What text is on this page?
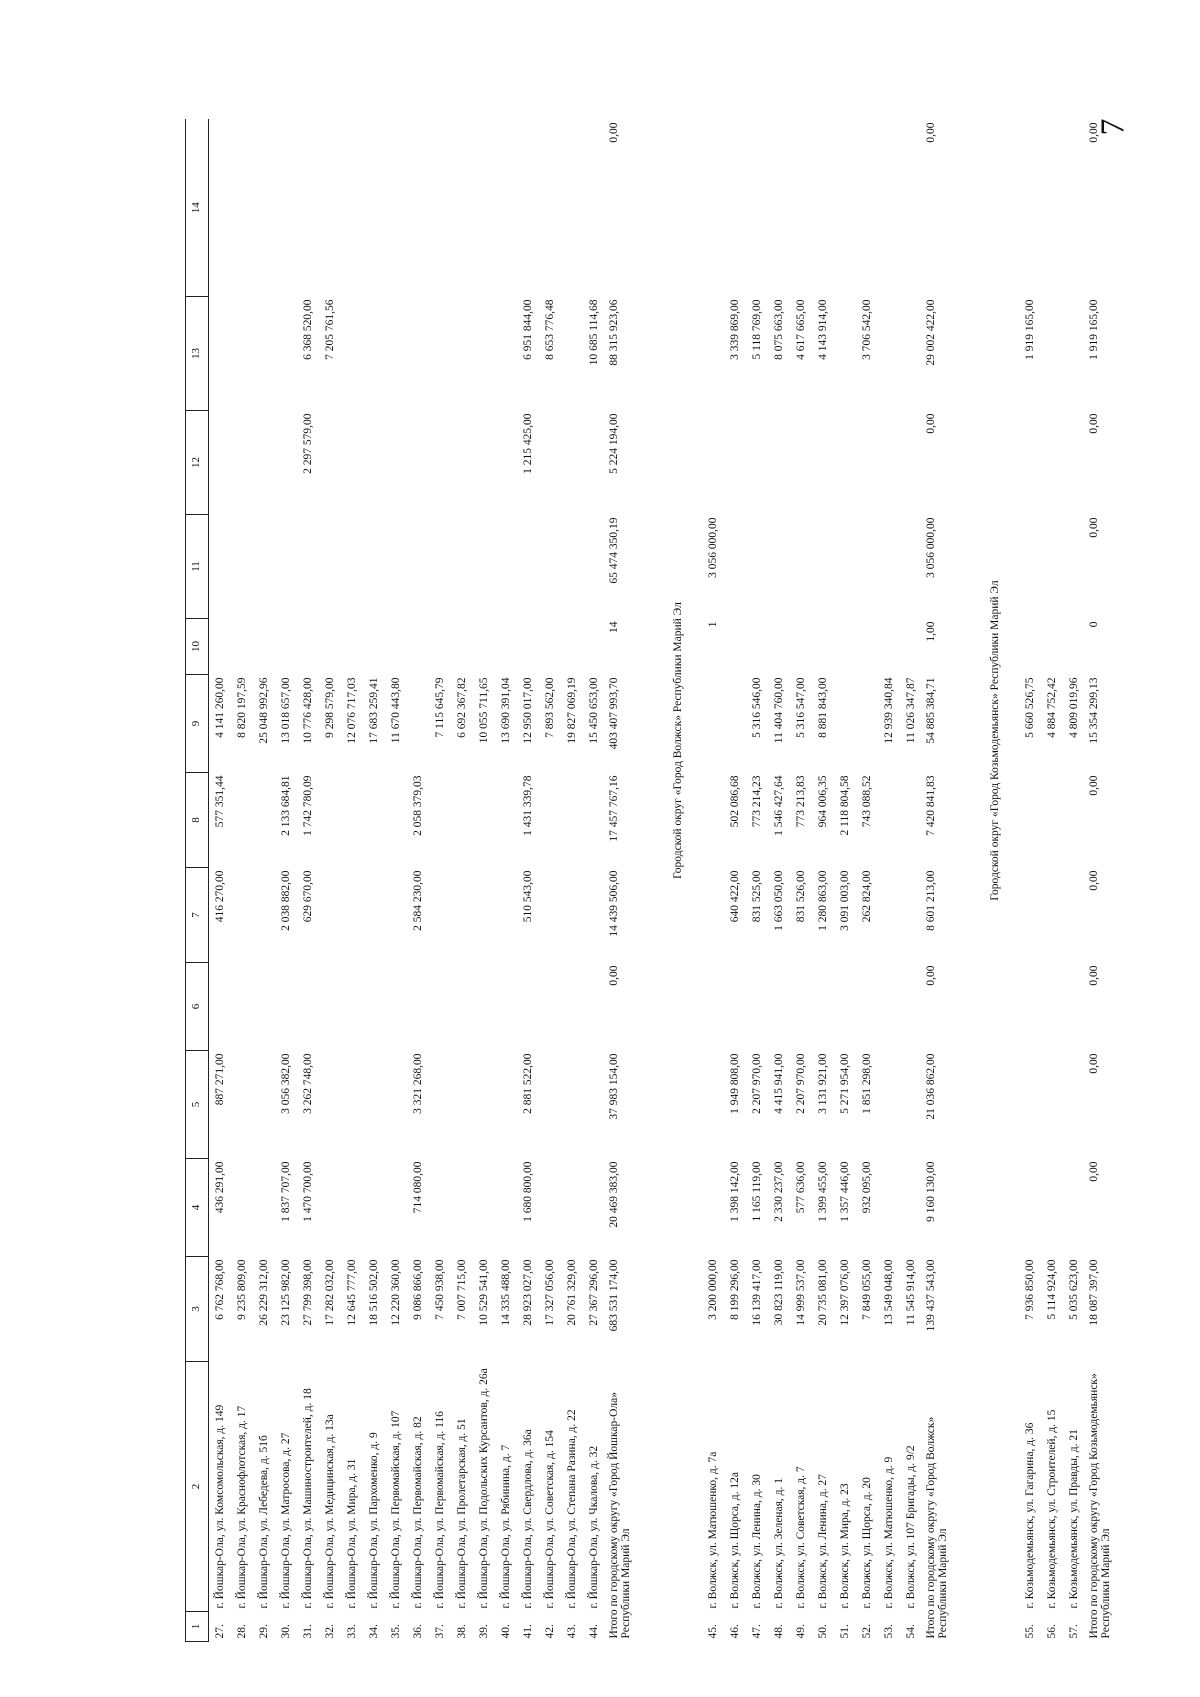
7
1	2	3	4	5	6	7	8	9	10	11	12	13	14
27.	г. Йошкар-Ола, ул. Комсомольская, д. 149	6 762 768,00	436 291,00	887 271,00		416 270,00	577 351,44	4 141 260,00					
28.	г. Йошкар-Ола, ул. Краснофлотская, д. 17	9 235 809,00						8 820 197,59					
29.	г. Йошкар-Ола, ул. Лебедева, д. 51б	26 229 312,00						25 048 992,96					
30.	г. Йошкар-Ола, ул. Матросова, д. 27	23 125 982,00	1 837 707,00	3 056 382,00		2 038 882,00	2 133 684,81	13 018 657,00					
31.	г. Йошкар-Ола, ул. Машиностроителей, д. 18	27 799 398,00	1 470 700,00	3 262 748,00		629 670,00	1 742 780,09	10 776 428,00			2 297 579,00	6 368 520,00	
32.	г. Йошкар-Ола, ул. Медицинская, д. 13а	17 282 032,00						9 298 579,00				7 205 761,56	
33.	г. Йошкар-Ола, ул. Мира, д. 31	12 645 777,00						12 076 717,03					
34.	г. Йошкар-Ола, ул. Пархоменко, д. 9	18 516 502,00						17 683 259,41					
35.	г. Йошкар-Ола, ул. Первомайская, д. 107	12 220 360,00						11 670 443,80					
36.	г. Йошкар-Ола, ул. Первомайская, д. 82	9 086 866,00	714 080,00	3 321 268,00		2 584 230,00	2 058 379,03						
37.	г. Йошкар-Ола, ул. Первомайская, д. 116	7 450 938,00						7 115 645,79					
38.	г. Йошкар-Ола, ул. Пролетарская, д. 51	7 007 715,00						6 692 367,82					
39.	г. Йошкар-Ола, ул. Подольских Курсантов, д. 26а	10 529 541,00						10 055 711,65					
40.	г. Йошкар-Ола, ул. Рябинина, д. 7	14 335 488,00						13 690 391,04					
41.	г. Йошкар-Ола, ул. Свердлова, д. 36а	28 923 027,00	1 680 800,00	2 881 522,00		510 543,00	1 431 339,78	12 950 017,00			1 215 425,00	6 951 844,00	
42.	г. Йошкар-Ола, ул. Советская, д. 154	17 327 056,00						7 893 562,00				8 653 776,48	
43.	г. Йошкар-Ола, ул. Степана Разина, д. 22	20 761 329,00						19 827 069,19					
44.	г. Йошкар-Ола, ул. Чкалова, д. 32	27 367 296,00						15 450 653,00				10 685 114,68	
Итого по городскому округу «Город Йошкар-Ола» Республики Марий Эл		683 531 174,00	20 469 383,00	37 983 154,00	0,00	14 439 506,00	17 457 767,16	403 407 993,70	14	65 474 350,19	5 224 194,00	88 315 923,06	0,00
		Городской округ «Город Волжск» Республики Марий Эл											
45.	г. Волжск, ул. Матюшенко, д. 7а	3 200 000,00							1	3 056 000,00			
46.	г. Волжск, ул. Щорса, д. 12а	8 199 296,00	1 398 142,00	1 949 808,00		640 422,00	502 086,68					3 339 869,00	
47.	г. Волжск, ул. Ленина, д. 30	16 139 417,00	1 165 119,00	2 207 970,00		831 525,00	773 214,23	5 316 546,00				5 118 769,00	
48.	г. Волжск, ул. Зеленая, д. 1	30 823 119,00	2 330 237,00	4 415 941,00		1 663 050,00	1 546 427,64	11 404 760,00				8 075 663,00	
49.	г. Волжск, ул. Советская, д. 7	14 999 537,00	577 636,00	2 207 970,00		831 526,00	773 213,83	5 316 547,00				4 617 665,00	
50.	г. Волжск, ул. Ленина, д. 27	20 735 081,00	1 399 455,00	3 131 921,00		1 280 863,00	964 006,35	8 881 843,00				4 143 914,00	
51.	г. Волжск, ул. Мира, д. 23	12 397 076,00	1 357 446,00	5 271 954,00		3 091 003,00	2 118 804,58						
52.	г. Волжск, ул. Щорса, д. 20	7 849 055,00	932 095,00	1 851 298,00		262 824,00	743 088,52					3 706 542,00	
53.	г. Волжск, ул. Матюшенко, д. 9	13 549 048,00						12 939 340,84					
54.	г. Волжск, ул. 107 Бригады, д. 9/2	11 545 914,00						11 026 347,87					
Итого по городскому округу «Город Волжск» Республики Марий Эл		139 437 543,00	9 160 130,00	21 036 862,00	0,00	8 601 213,00	7 420 841,83	54 885 384,71	1,00	3 056 000,00	0,00	29 002 422,00	0,00
		Городской округ «Город Козьмодемьянск» Республики Марий Эл											
55.	г. Козьмодемьянск, ул. Гагарина, д. 36	7 936 850,00						5 660 526,75				1 919 165,00	
56.	г. Козьмодемьянск, ул. Строителей, д. 15	5 114 924,00						4 884 752,42					
57.	г. Козьмодемьянск, ул. Правды, д. 21	5 035 623,00						4 809 019,96					
Итого по городскому округу «Город Козьмодемьянск» Республики Марий Эл		18 087 397,00	0,00	0,00	0,00	0,00	0,00	15 354 299,13	0	0,00	0,00	1 919 165,00	0,00
